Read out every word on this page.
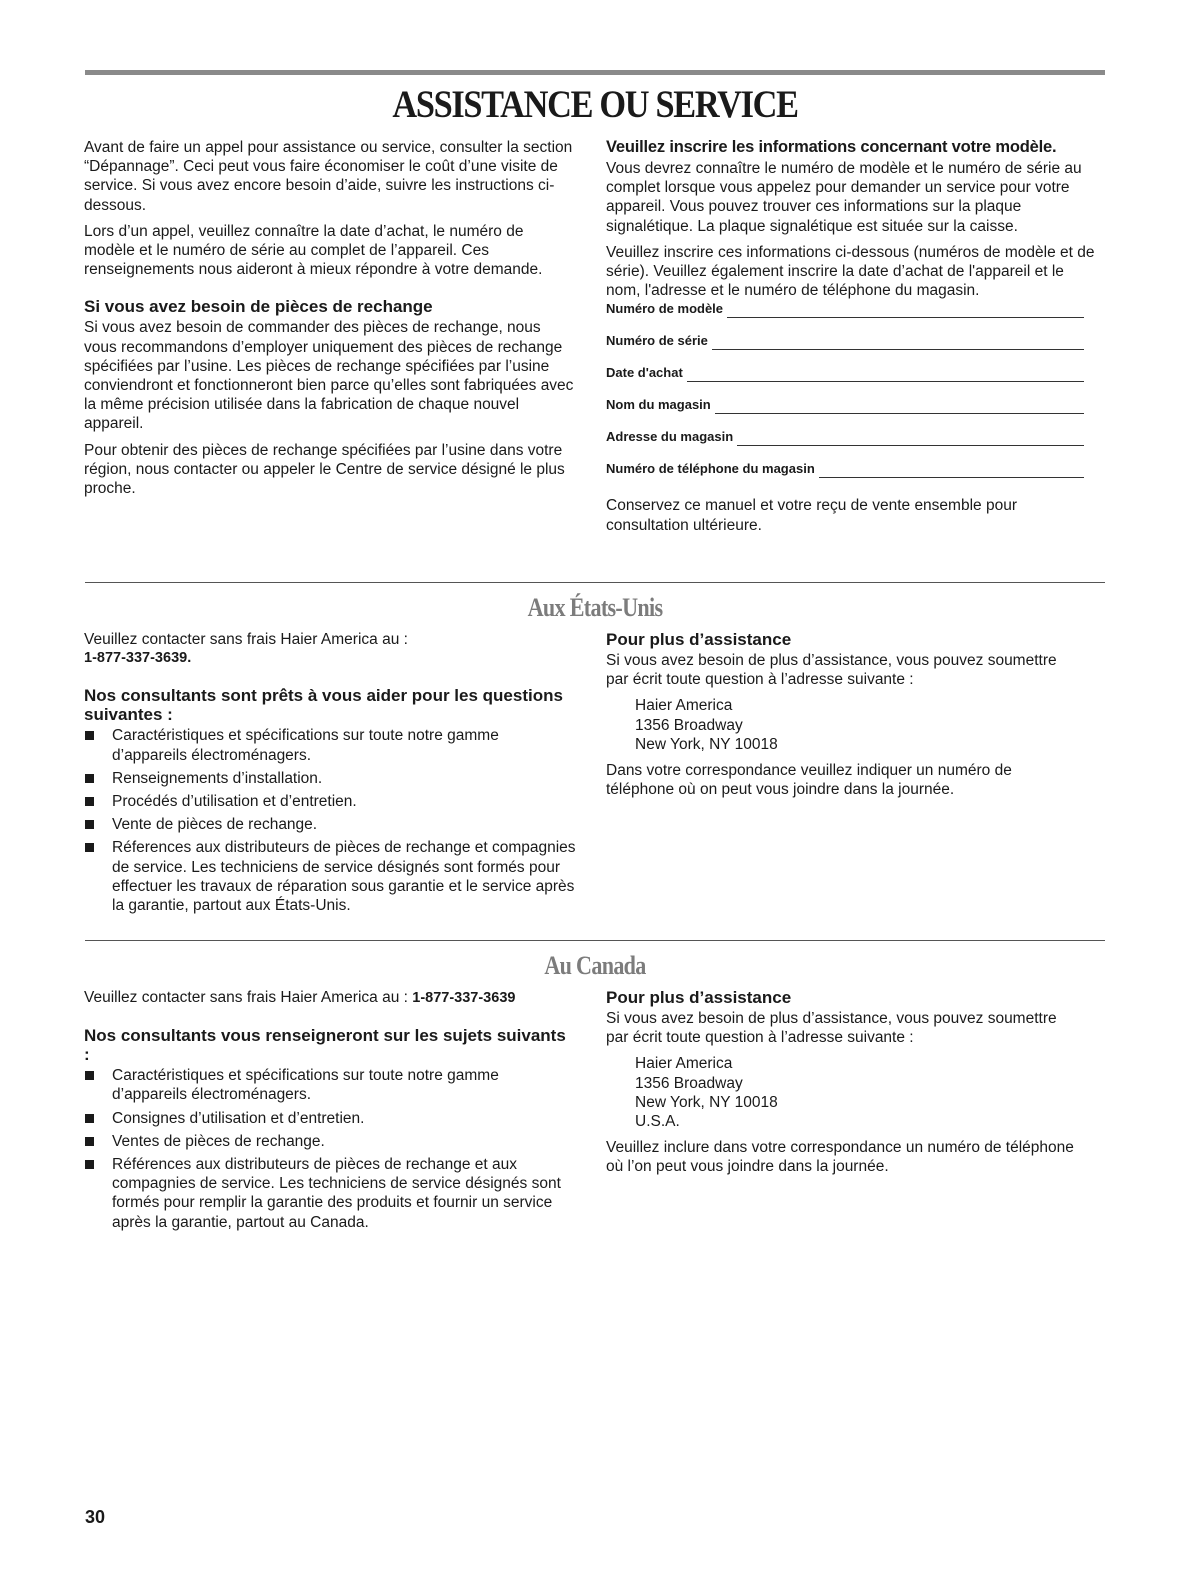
ASSISTANCE OU SERVICE

Avant de faire un appel pour assistance ou service, consulter la section “Dépannage”. Ceci peut vous faire économiser le coût d’une visite de service. Si vous avez encore besoin d’aide, suivre les instructions ci-dessous.

Lors d’un appel, veuillez connaître la date d’achat, le numéro de modèle et le numéro de série au complet de l’appareil. Ces renseignements nous aideront à mieux répondre à votre demande.

Si vous avez besoin de pièces de rechange

Si vous avez besoin de commander des pièces de rechange, nous vous recommandons d’employer uniquement des pièces de rechange spécifiées par l’usine. Les pièces de rechange spécifiées par l’usine conviendront et fonctionneront bien parce qu’elles sont fabriquées avec la même précision utilisée dans la fabrication de chaque nouvel appareil.

Pour obtenir des pièces de rechange spécifiées par l’usine dans votre région, nous contacter ou appeler le Centre de service désigné le plus proche.

Veuillez inscrire les informations concernant votre modèle.

Vous devrez connaître le numéro de modèle et le numéro de série au complet lorsque vous appelez pour demander un service pour votre appareil. Vous pouvez trouver ces informations sur la plaque signalétique. La plaque signalétique est située sur la caisse.

Veuillez inscrire ces informations ci-dessous (numéros de modèle et de série). Veuillez également inscrire la date d’achat de l'appareil et le nom, l'adresse et le numéro de téléphone du magasin.

Numéro de modèle
Numéro de série
Date d'achat
Nom du magasin
Adresse du magasin
Numéro de téléphone du magasin

Conservez ce manuel et votre reçu de vente ensemble pour consultation ultérieure.

Aux États-Unis
Veuillez contacter sans frais Haier America au :
1-877-337-3639.
Nos consultants sont prêts à vous aider pour les questions suivantes :
Caractéristiques et spécifications sur toute notre gamme d’appareils électroménagers.
Renseignements d’installation.
Procédés d’utilisation et d’entretien.
Vente de pièces de rechange.
Réferences aux distributeurs de pièces de rechange et compagnies de service. Les techniciens de service désignés sont formés pour effectuer les travaux de réparation sous garantie et le service après la garantie, partout aux États-Unis.
Pour plus d’assistance

Si vous avez besoin de plus d’assistance, vous pouvez soumettre par écrit toute question à l’adresse suivante :

Haier America
1356 Broadway
New York, NY 10018

Dans votre correspondance veuillez indiquer un numéro de téléphone où on peut vous joindre dans la journée.

Au Canada
Veuillez contacter sans frais Haier America au : 1-877-337-3639
Nos consultants vous renseigneront sur les sujets suivants :
Caractéristiques et spécifications sur toute notre gamme d’appareils électroménagers.
Consignes d’utilisation et d’entretien.
Ventes de pièces de rechange.
Références aux distributeurs de pièces de rechange et aux compagnies de service. Les techniciens de service désignés sont formés pour remplir la garantie des produits et fournir un service après la garantie, partout au Canada.
Pour plus d’assistance

Si vous avez besoin de plus d’assistance, vous pouvez soumettre par écrit toute question à l’adresse suivante :

Haier America
1356 Broadway
New York, NY 10018
U.S.A.

Veuillez inclure dans votre correspondance un numéro de téléphone où l’on peut vous joindre dans la journée.

30
